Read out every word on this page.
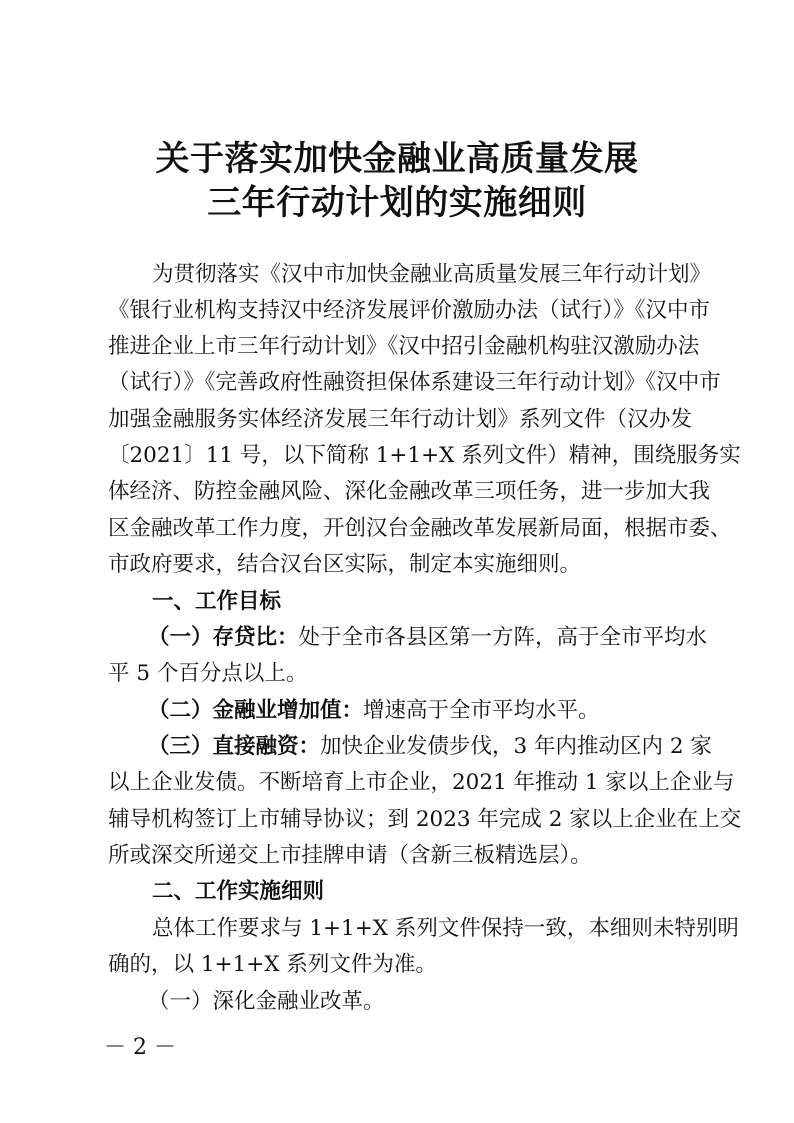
关于落实加快金融业高质量发展
三年行动计划的实施细则
为贯彻落实《汉中市加快金融业高质量发展三年行动计划》
《银行业机构支持汉中经济发展评价激励办法（试行）》《汉中市
推进企业上市三年行动计划》《汉中招引金融机构驻汉激励办法
（试行）》《完善政府性融资担保体系建设三年行动计划》《汉中市
加强金融服务实体经济发展三年行动计划》系列文件（汉办发
〔2021〕11 号，以下简称 1+1+X 系列文件）精神，围绕服务实
体经济、防控金融风险、深化金融改革三项任务，进一步加大我
区金融改革工作力度，开创汉台金融改革发展新局面，根据市委、
市政府要求，结合汉台区实际，制定本实施细则。
一、工作目标
（一）存贷比：处于全市各县区第一方阵，高于全市平均水
平 5 个百分点以上。
（二）金融业增加值：增速高于全市平均水平。
（三）直接融资：加快企业发债步伐，3 年内推动区内 2 家
以上企业发债。不断培育上市企业，2021 年推动 1 家以上企业与
辅导机构签订上市辅导协议；到 2023 年完成 2 家以上企业在上交
所或深交所递交上市挂牌申请（含新三板精选层）。
二、工作实施细则
总体工作要求与 1+1+X 系列文件保持一致，本细则未特别明
确的，以 1+1+X 系列文件为准。
（一）深化金融业改革。
－ 2 －
